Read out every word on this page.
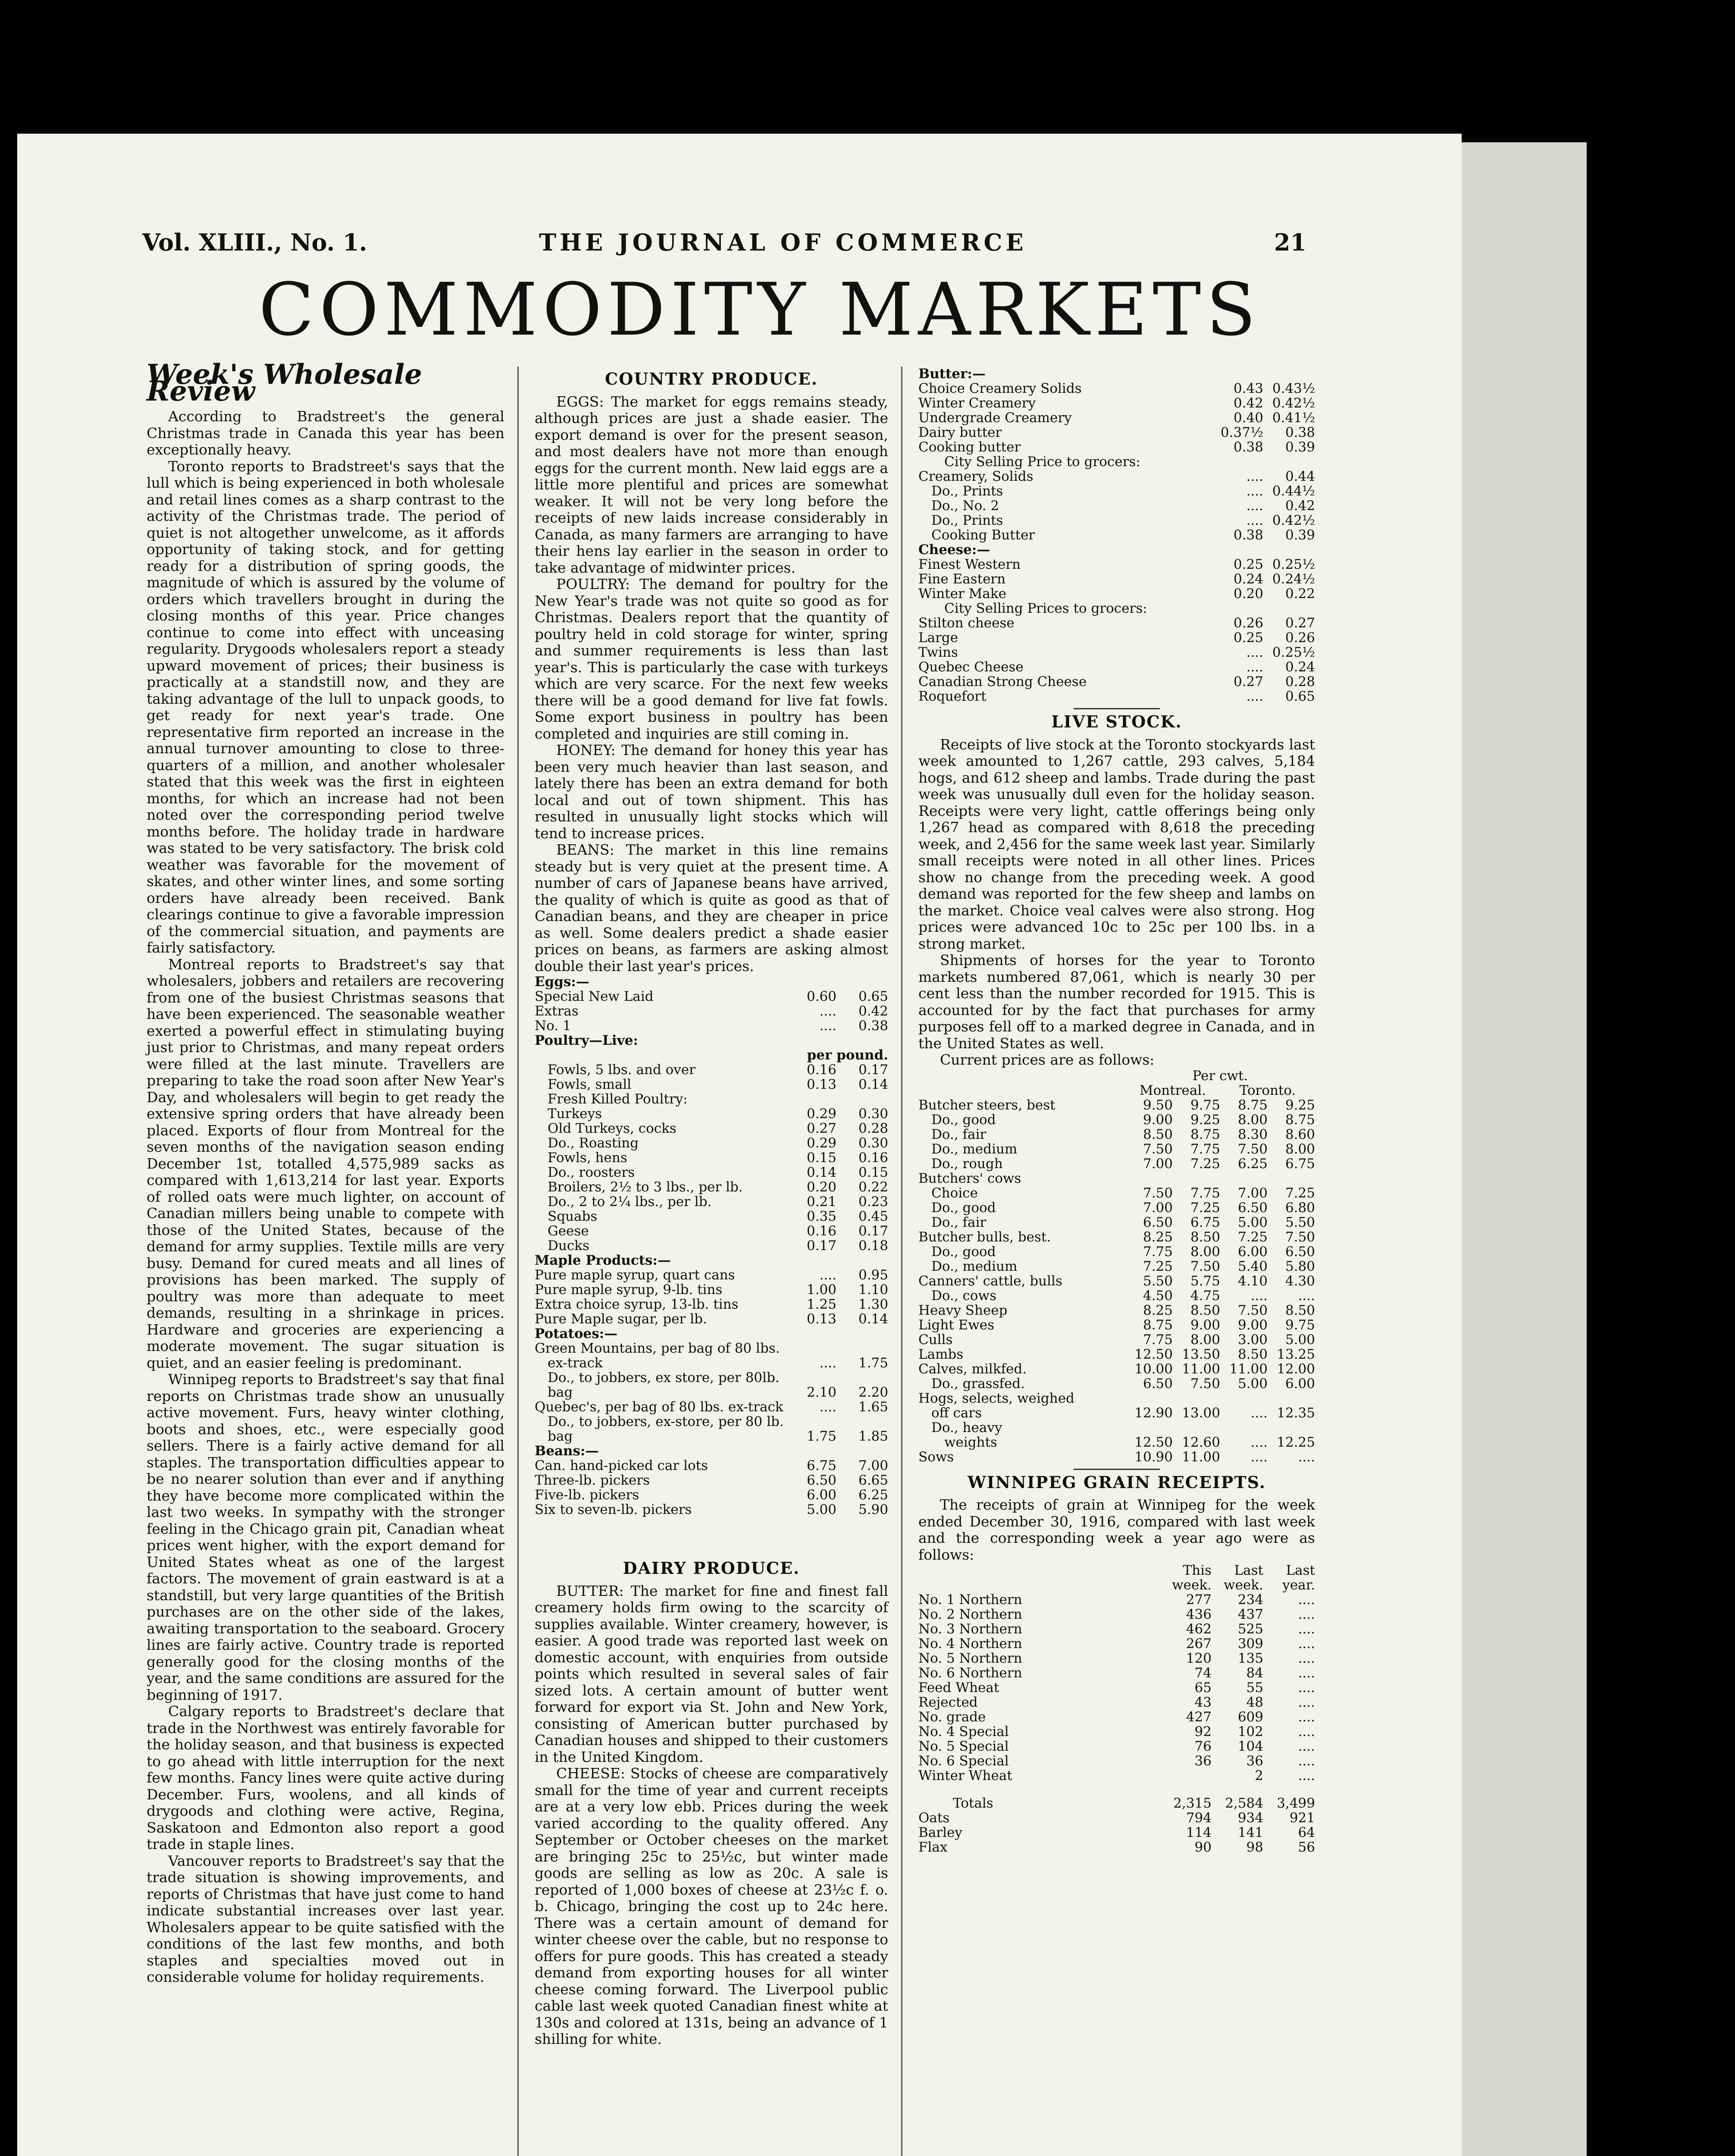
Vol. XLIII., No. 1.	THE JOURNAL OF COMMERCE	21
COMMODITY MARKETS
Week's Wholesale Review

According to Bradstreet's the general Christmas trade in Canada this year has been exceptionally heavy.

Toronto reports to Bradstreet's says that the lull which is being experienced in both wholesale and retail lines comes as a sharp contrast to the activity of the Christmas trade. The period of quiet is not altogether unwelcome, as it affords opportunity of taking stock, and for getting ready for a distribution of spring goods, the magnitude of which is assured by the volume of orders which travellers brought in during the closing months of this year. Price changes continue to come into effect with unceasing regularity. Drygoods wholesalers report a steady upward movement of prices; their business is practically at a standstill now, and they are taking advantage of the lull to unpack goods, to get ready for next year's trade. One representative firm reported an increase in the annual turnover amounting to close to three-quarters of a million, and another wholesaler stated that this week was the first in eighteen months, for which an increase had not been noted over the corresponding period twelve months before. The holiday trade in hardware was stated to be very satisfactory. The brisk cold weather was favorable for the movement of skates, and other winter lines, and some sorting orders have already been received. Bank clearings continue to give a favorable impression of the commercial situation, and payments are fairly satisfactory.

Montreal reports to Bradstreet's say that wholesalers, jobbers and retailers are recovering from one of the busiest Christmas seasons that have been experienced. The seasonable weather exerted a powerful effect in stimulating buying just prior to Christmas, and many repeat orders were filled at the last minute. Travellers are preparing to take the road soon after New Year's Day, and wholesalers will begin to get ready the extensive spring orders that have already been placed. Exports of flour from Montreal for the seven months of the navigation season ending December 1st, totalled 4,575,989 sacks as compared with 1,613,214 for last year. Exports of rolled oats were much lighter, on account of Canadian millers being unable to compete with those of the United States, because of the demand for army supplies. Textile mills are very busy. Demand for cured meats and all lines of provisions has been marked. The supply of poultry was more than adequate to meet demands, resulting in a shrinkage in prices. Hardware and groceries are experiencing a moderate movement. The sugar situation is quiet, and an easier feeling is predominant.

Winnipeg reports to Bradstreet's say that final reports on Christmas trade show an unusually active movement. Furs, heavy winter clothing, boots and shoes, etc., were especially good sellers. There is a fairly active demand for all staples. The transportation difficulties appear to be no nearer solution than ever and if anything they have become more complicated within the last two weeks. In sympathy with the stronger feeling in the Chicago grain pit, Canadian wheat prices went higher, with the export demand for United States wheat as one of the largest factors. The movement of grain eastward is at a standstill, but very large quantities of the British purchases are on the other side of the lakes, awaiting transportation to the seaboard. Grocery lines are fairly active. Country trade is reported generally good for the closing months of the year, and the same conditions are assured for the beginning of 1917.

Calgary reports to Bradstreet's declare that trade in the Northwest was entirely favorable for the holiday season, and that business is expected to go ahead with little interruption for the next few months. Fancy lines were quite active during December. Furs, woolens, and all kinds of drygoods and clothing were active, Regina, Saskatoon and Edmonton also report a good trade in staple lines.

Vancouver reports to Bradstreet's say that the trade situation is showing improvements, and reports of Christmas that have just come to hand indicate substantial increases over last year. Wholesalers appear to be quite satisfied with the conditions of the last few months, and both staples and specialties moved out in considerable volume for holiday requirements.

COUNTRY PRODUCE.

EGGS: The market for eggs remains steady, although prices are just a shade easier. The export demand is over for the present season, and most dealers have not more than enough eggs for the current month. New laid eggs are a little more plentiful and prices are somewhat weaker. It will not be very long before the receipts of new laids increase considerably in Canada, as many farmers are arranging to have their hens lay earlier in the season in order to take advantage of midwinter prices.

POULTRY: The demand for poultry for the New Year's trade was not quite so good as for Christmas. Dealers report that the quantity of poultry held in cold storage for winter, spring and summer requirements is less than last year's. This is particularly the case with turkeys which are very scarce. For the next few weeks there will be a good demand for live fat fowls. Some export business in poultry has been completed and inquiries are still coming in.

HONEY: The demand for honey this year has been very much heavier than last season, and lately there has been an extra demand for both local and out of town shipment. This has resulted in unusually light stocks which will tend to increase prices.

BEANS: The market in this line remains steady but is very quiet at the present time. A number of cars of Japanese beans have arrived, the quality of which is quite as good as that of Canadian beans, and they are cheaper in price as well. Some dealers predict a shade easier prices on beans, as farmers are asking almost double their last year's prices.

Eggs:—		
Special New Laid	0.60	0.65
Extras	....	0.42
No. 1	....	0.38
Poultry—Live:		
	per pound.	
Fowls, 5 lbs. and over	0.16	0.17
Fowls, small	0.13	0.14
Fresh Killed Poultry:		
Turkeys	0.29	0.30
Old Turkeys, cocks	0.27	0.28
Do., Roasting	0.29	0.30
Fowls, hens	0.15	0.16
Do., roosters	0.14	0.15
Broilers, 2½ to 3 lbs., per lb.	0.20	0.22
Do., 2 to 2¼ lbs., per lb.	0.21	0.23
Squabs	0.35	0.45
Geese	0.16	0.17
Ducks	0.17	0.18
Maple Products:—		
Pure maple syrup, quart cans	....	0.95
Pure maple syrup, 9-lb. tins	1.00	1.10
Extra choice syrup, 13-lb. tins	1.25	1.30
Pure Maple sugar, per lb.	0.13	0.14
Potatoes:—		
Green Mountains, per bag of 80 lbs.		
ex-track	....	1.75
Do., to jobbers, ex store, per 80lb.		
bag	2.10	2.20
Quebec's, per bag of 80 lbs. ex-track	....	1.65
Do., to jobbers, ex-store, per 80 lb.		
bag	1.75	1.85
Beans:—		
Can. hand-picked car lots	6.75	7.00
Three-lb. pickers	6.50	6.65
Five-lb. pickers	6.00	6.25
Six to seven-lb. pickers	5.00	5.90
DAIRY PRODUCE.

BUTTER: The market for fine and finest fall creamery holds firm owing to the scarcity of supplies available. Winter creamery, however, is easier. A good trade was reported last week on domestic account, with enquiries from outside points which resulted in several sales of fair sized lots. A certain amount of butter went forward for export via St. John and New York, consisting of American butter purchased by Canadian houses and shipped to their customers in the United Kingdom.

CHEESE: Stocks of cheese are comparatively small for the time of year and current receipts are at a very low ebb. Prices during the week varied according to the quality offered. Any September or October cheeses on the market are bringing 25c to 25½c, but winter made goods are selling as low as 20c. A sale is reported of 1,000 boxes of cheese at 23½c f. o. b. Chicago, bringing the cost up to 24c here. There was a certain amount of demand for winter cheese over the cable, but no response to offers for pure goods. This has created a steady demand from exporting houses for all winter cheese coming forward. The Liverpool public cable last week quoted Canadian finest white at 130s and colored at 131s, being an advance of 1 shilling for white.

Butter:—		
Choice Creamery Solids	0.43	0.43½
Winter Creamery	0.42	0.42½
Undergrade Creamery	0.40	0.41½
Dairy butter	0.37½	0.38
Cooking butter	0.38	0.39
City Selling Price to grocers:		
Creamery, Solids	....	0.44
Do., Prints	....	0.44½
Do., No. 2	....	0.42
Do., Prints	....	0.42½
Cooking Butter	0.38	0.39
Cheese:—		
Finest Western	0.25	0.25½
Fine Eastern	0.24	0.24½
Winter Make	0.20	0.22
City Selling Prices to grocers:		
Stilton cheese	0.26	0.27
Large	0.25	0.26
Twins	....	0.25½
Quebec Cheese	....	0.24
Canadian Strong Cheese	0.27	0.28
Roquefort	....	0.65
LIVE STOCK.

Receipts of live stock at the Toronto stockyards last week amounted to 1,267 cattle, 293 calves, 5,184 hogs, and 612 sheep and lambs. Trade during the past week was unusually dull even for the holiday season. Receipts were very light, cattle offerings being only 1,267 head as compared with 8,618 the preceding week, and 2,456 for the same week last year. Similarly small receipts were noted in all other lines. Prices show no change from the preceding week. A good demand was reported for the few sheep and lambs on the market. Choice veal calves were also strong. Hog prices were advanced 10c to 25c per 100 lbs. in a strong market.

Shipments of horses for the year to Toronto markets numbered 87,061, which is nearly 30 per cent less than the number recorded for 1915. This is accounted for by the fact that purchases for army purposes fell off to a marked degree in Canada, and in the United States as well.

Current prices are as follows:

	Per cwt.			
	Montreal.		Toronto.	
Butcher steers, best	9.50	9.75	8.75	9.25
Do., good	9.00	9.25	8.00	8.75
Do., fair	8.50	8.75	8.30	8.60
Do., medium	7.50	7.75	7.50	8.00
Do., rough	7.00	7.25	6.25	6.75
Butchers' cows				
Choice	7.50	7.75	7.00	7.25
Do., good	7.00	7.25	6.50	6.80
Do., fair	6.50	6.75	5.00	5.50
Butcher bulls, best.	8.25	8.50	7.25	7.50
Do., good	7.75	8.00	6.00	6.50
Do., medium	7.25	7.50	5.40	5.80
Canners' cattle, bulls	5.50	5.75	4.10	4.30
Do., cows	4.50	4.75	....	....
Heavy Sheep	8.25	8.50	7.50	8.50
Light Ewes	8.75	9.00	9.00	9.75
Culls	7.75	8.00	3.00	5.00
Lambs	12.50	13.50	8.50	13.25
Calves, milkfed.	10.00	11.00	11.00	12.00
Do., grassfed.	6.50	7.50	5.00	6.00
Hogs, selects, weighed				
off cars	12.90	13.00	....	12.35
Do., heavy				
weights	12.50	12.60	....	12.25
Sows	10.90	11.00	....	....
WINNIPEG GRAIN RECEIPTS.

The receipts of grain at Winnipeg for the week ended December 30, 1916, compared with last week and the corresponding week a year ago were as follows:

	This	Last	Last
	week.	week.	year.
No. 1 Northern	277	234	....
No. 2 Northern	436	437	....
No. 3 Northern	462	525	....
No. 4 Northern	267	309	....
No. 5 Northern	120	135	....
No. 6 Northern	74	84	....
Feed Wheat	65	55	....
Rejected	43	48	....
No. grade	427	609	....
No. 4 Special	92	102	....
No. 5 Special	76	104	....
No. 6 Special	36	36	....
Winter Wheat		2	....
Totals	2,315	2,584	3,499
Oats	794	934	921
Barley	114	141	64
Flax	90	98	56
